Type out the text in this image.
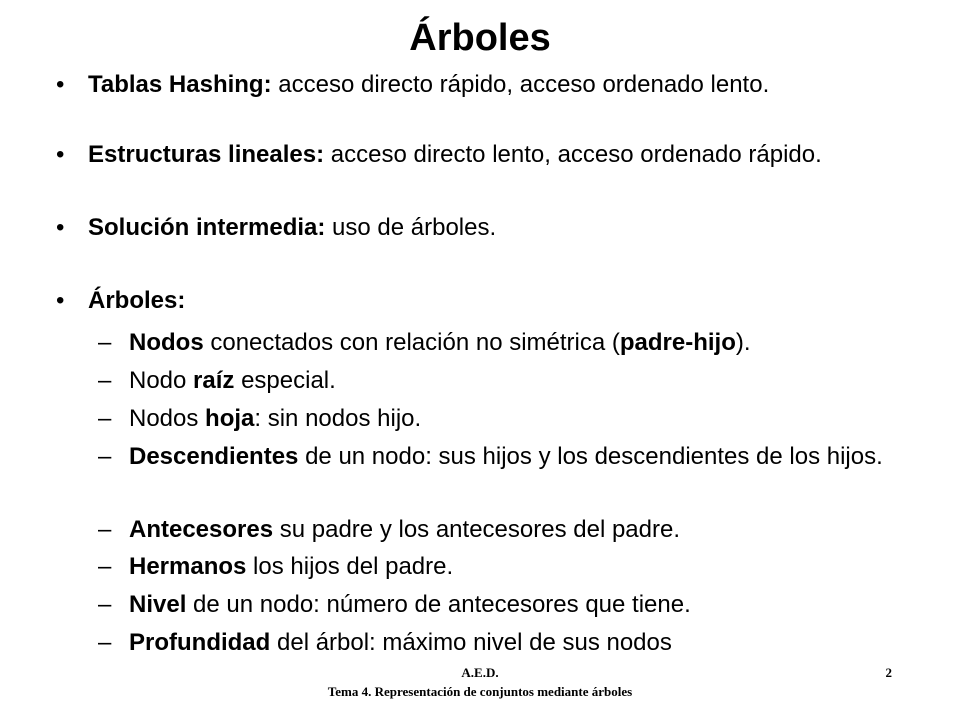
Árboles
• Tablas Hashing: acceso directo rápido, acceso ordenado lento.
• Estructuras lineales: acceso directo lento, acceso ordenado rápido.
• Solución intermedia: uso de árboles.
• Árboles:
– Nodos conectados con relación no simétrica (padre-hijo).
– Nodo raíz especial.
– Nodos hoja: sin nodos hijo.
– Descendientes de un nodo: sus hijos y los descendientes de los hijos.
– Antecesores su padre y los antecesores del padre.
– Hermanos los hijos del padre.
– Nivel de un nodo: número de antecesores que tiene.
– Profundidad del árbol: máximo nivel de sus nodos
A.E.D.	2
Tema 4. Representación de conjuntos mediante árboles
